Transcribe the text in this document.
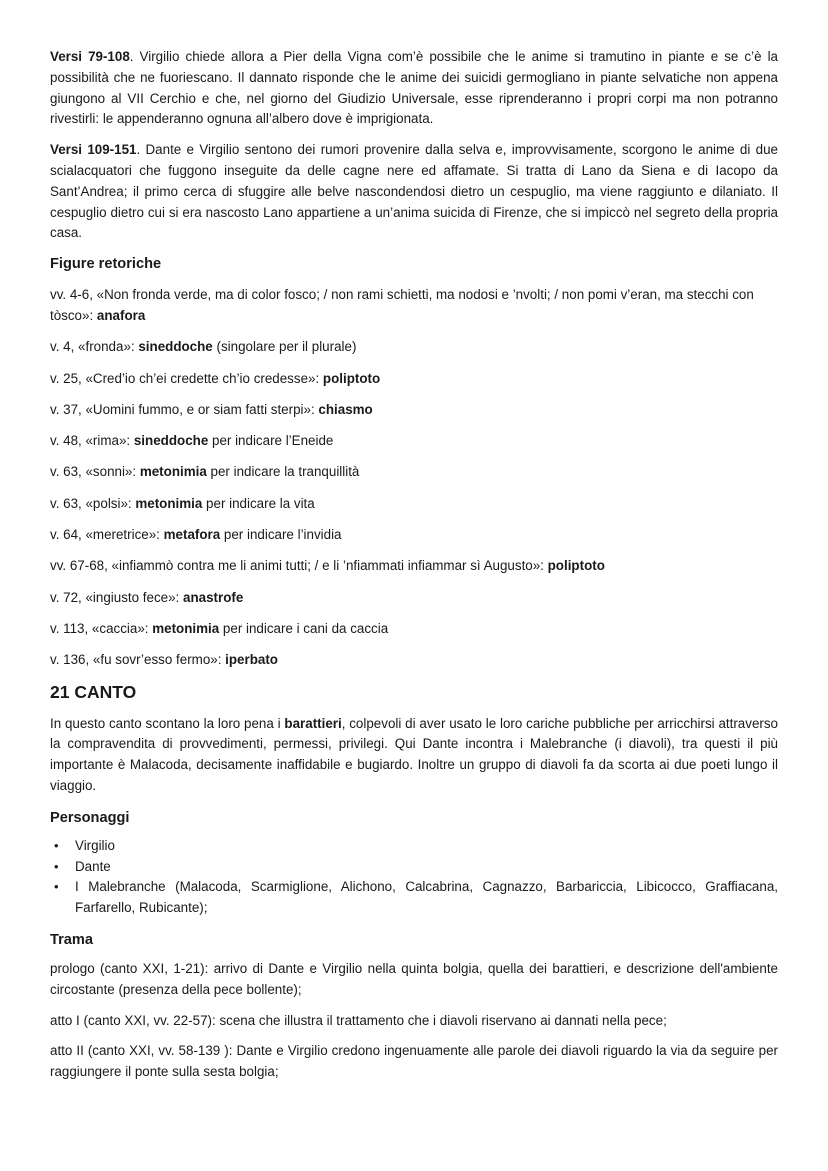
Versi 79-108. Virgilio chiede allora a Pier della Vigna com’è possibile che le anime si tramutino in piante e se c’è la possibilità che ne fuoriescano. Il dannato risponde che le anime dei suicidi germogliano in piante selvatiche non appena giungono al VII Cerchio e che, nel giorno del Giudizio Universale, esse riprenderanno i propri corpi ma non potranno rivestirli: le appenderanno ognuna all’albero dove è imprigionata.

Versi 109-151. Dante e Virgilio sentono dei rumori provenire dalla selva e, improvvisamente, scorgono le anime di due scialacquatori che fuggono inseguite da delle cagne nere ed affamate. Si tratta di Lano da Siena e di Iacopo da Sant’Andrea; il primo cerca di sfuggire alle belve nascondendosi dietro un cespuglio, ma viene raggiunto e dilaniato. Il cespuglio dietro cui si era nascosto Lano appartiene a un’anima suicida di Firenze, che si impiccò nel segreto della propria casa.

Figure retoriche

vv. 4-6, «Non fronda verde, ma di color fosco; / non rami schietti, ma nodosi e ’nvolti; / non pomi v’eran, ma stecchi con tòsco»: anafora

v. 4, «fronda»: sineddoche (singolare per il plurale)

v. 25, «Cred’io ch’ei credette ch’io credesse»: poliptoto

v. 37, «Uomini fummo, e or siam fatti sterpi»: chiasmo

v. 48, «rima»: sineddoche per indicare l’Eneide

v. 63, «sonni»: metonimia per indicare la tranquillità

v. 63, «polsi»: metonimia per indicare la vita

v. 64, «meretrice»: metafora per indicare l’invidia

vv. 67-68, «infiammò contra me li animi tutti; / e li ’nfiammati infiammar sì Augusto»: poliptoto

v. 72, «ingiusto fece»: anastrofe

v. 113, «caccia»: metonimia per indicare i cani da caccia

v. 136, «fu sovr’esso fermo»: iperbato

21 CANTO

In questo canto scontano la loro pena i barattieri, colpevoli di aver usato le loro cariche pubbliche per arricchirsi attraverso la compravendita di provvedimenti, permessi, privilegi. Qui Dante incontra i Malebranche (i diavoli), tra questi il più importante è Malacoda, decisamente inaffidabile e bugiardo. Inoltre un gruppo di diavoli fa da scorta ai due poeti lungo il viaggio.

Personaggi

• Virgilio
• Dante
• I Malebranche (Malacoda, Scarmiglione, Alichono, Calcabrina, Cagnazzo, Barbariccia, Libicocco, Graffiacana, Farfarello, Rubicante);

Trama

prologo (canto XXI, 1-21): arrivo di Dante e Virgilio nella quinta bolgia, quella dei barattieri, e descrizione dell'ambiente circostante (presenza della pece bollente);

atto I (canto XXI, vv. 22-57): scena che illustra il trattamento che i diavoli riservano ai dannati nella pece;

atto II (canto XXI, vv. 58-139 ): Dante e Virgilio credono ingenuamente alle parole dei diavoli riguardo la via da seguire per raggiungere il ponte sulla sesta bolgia;
